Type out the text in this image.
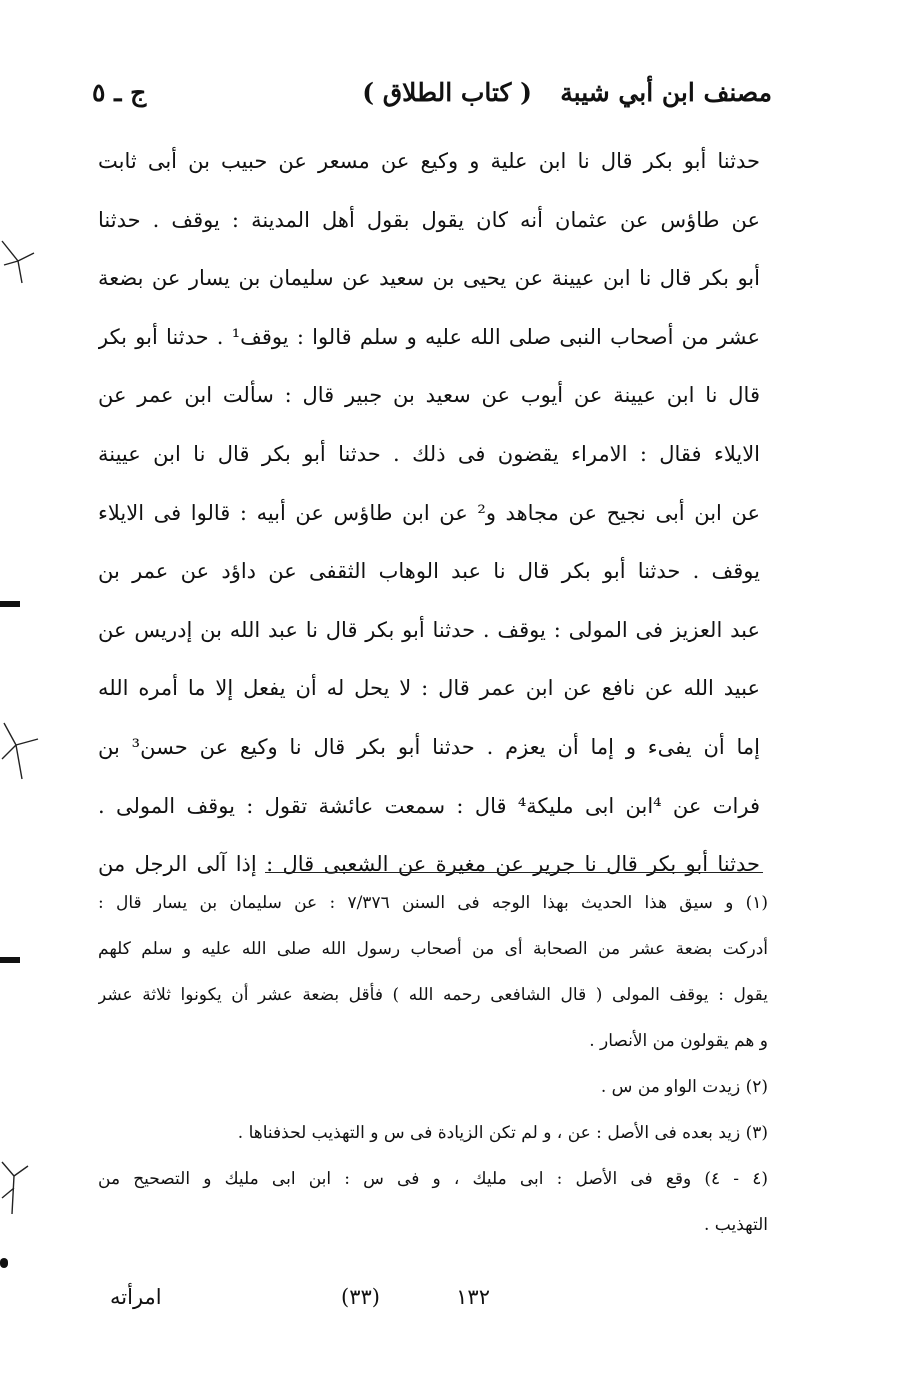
مصنف ابن أبي شيبة
( كتاب الطلاق )
ج ـ ٥
حدثنا أبو بكر قال نا ابن علية و وكيع عن مسعر عن حبيب بن أبى ثابت
عن طاؤس عن عثمان أنه كان يقول بقول أهل المدينة : يوقف . حدثنا
أبو بكر قال نا ابن عيينة عن يحيى بن سعيد عن سليمان بن يسار عن بضعة
عشر من أصحاب النبى صلى الله عليه و سلم قالوا : يوقف¹ . حدثنا أبو بكر
قال نا ابن عيينة عن أيوب عن سعيد بن جبير قال : سألت ابن عمر عن
الايلاء فقال : الامراء يقضون فى ذلك . حدثنا أبو بكر قال نا ابن عيينة
عن ابن أبى نجيح عن مجاهد و² عن ابن طاؤس عن أبيه : قالوا فى الايلاء
يوقف . حدثنا أبو بكر قال نا عبد الوهاب الثقفى عن داؤد عن عمر بن
عبد العزيز فى المولى : يوقف . حدثنا أبو بكر قال نا عبد الله بن إدريس عن
عبيد الله عن نافع عن ابن عمر قال : لا يحل له أن يفعل إلا ما أمره الله
إما أن يفىء و إما أن يعزم . حدثنا أبو بكر قال نا وكيع عن حسن³ بن
فرات عن ⁴ابن ابى مليكة⁴ قال : سمعت عائشة تقول : يوقف المولى .
حدثنا أبو بكر قال نا جرير عن مغيرة عن الشعبى قال : إذا آلى الرجل من
(١) و سيق هذا الحديث بهذا الوجه فى السنن ٧/٣٧٦ : عن سليمان بن يسار قال :
أدركت بضعة عشر من الصحابة أى من أصحاب رسول الله صلى الله عليه و سلم كلهم
يقول : يوقف المولى ( قال الشافعى رحمه الله ) فأقل بضعة عشر أن يكونوا ثلاثة عشر
و هم يقولون من الأنصار .
(٢) زيدت الواو من س .
(٣) زيد بعده فى الأصل : عن ، و لم تكن الزيادة فى س و التهذيب لحذفناها .
(٤ - ٤) وقع فى الأصل : ابى مليك ، و فى س : ابن ابى مليك و التصحيح من
التهذيب .
١٣٢
(٣٣)
امرأته
